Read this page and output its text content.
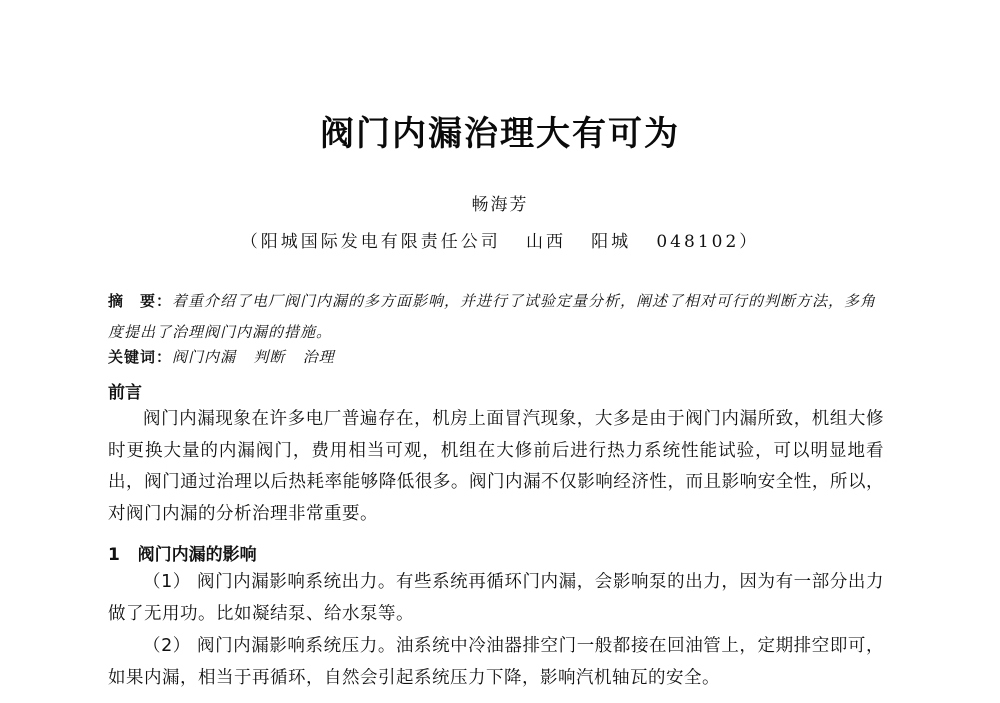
阀门内漏治理大有可为
畅海芳
（阳城国际发电有限责任公司   山西   阳城   048102）
摘　要：着重介绍了电厂阀门内漏的多方面影响，并进行了试验定量分析，阐述了相对可行的判断方法，多角度提出了治理阀门内漏的措施。
关键词：阀门内漏   判断   治理
前言
阀门内漏现象在许多电厂普遍存在，机房上面冒汽现象，大多是由于阀门内漏所致，机组大修时更换大量的内漏阀门，费用相当可观，机组在大修前后进行热力系统性能试验，可以明显地看出，阀门通过治理以后热耗率能够降低很多。阀门内漏不仅影响经济性，而且影响安全性，所以，对阀门内漏的分析治理非常重要。
1   阀门内漏的影响
（1） 阀门内漏影响系统出力。有些系统再循环门内漏，会影响泵的出力，因为有一部分出力做了无用功。比如凝结泵、给水泵等。
（2） 阀门内漏影响系统压力。油系统中冷油器排空门一般都接在回油管上，定期排空即可，如果内漏，相当于再循环，自然会引起系统压力下降，影响汽机轴瓦的安全。
